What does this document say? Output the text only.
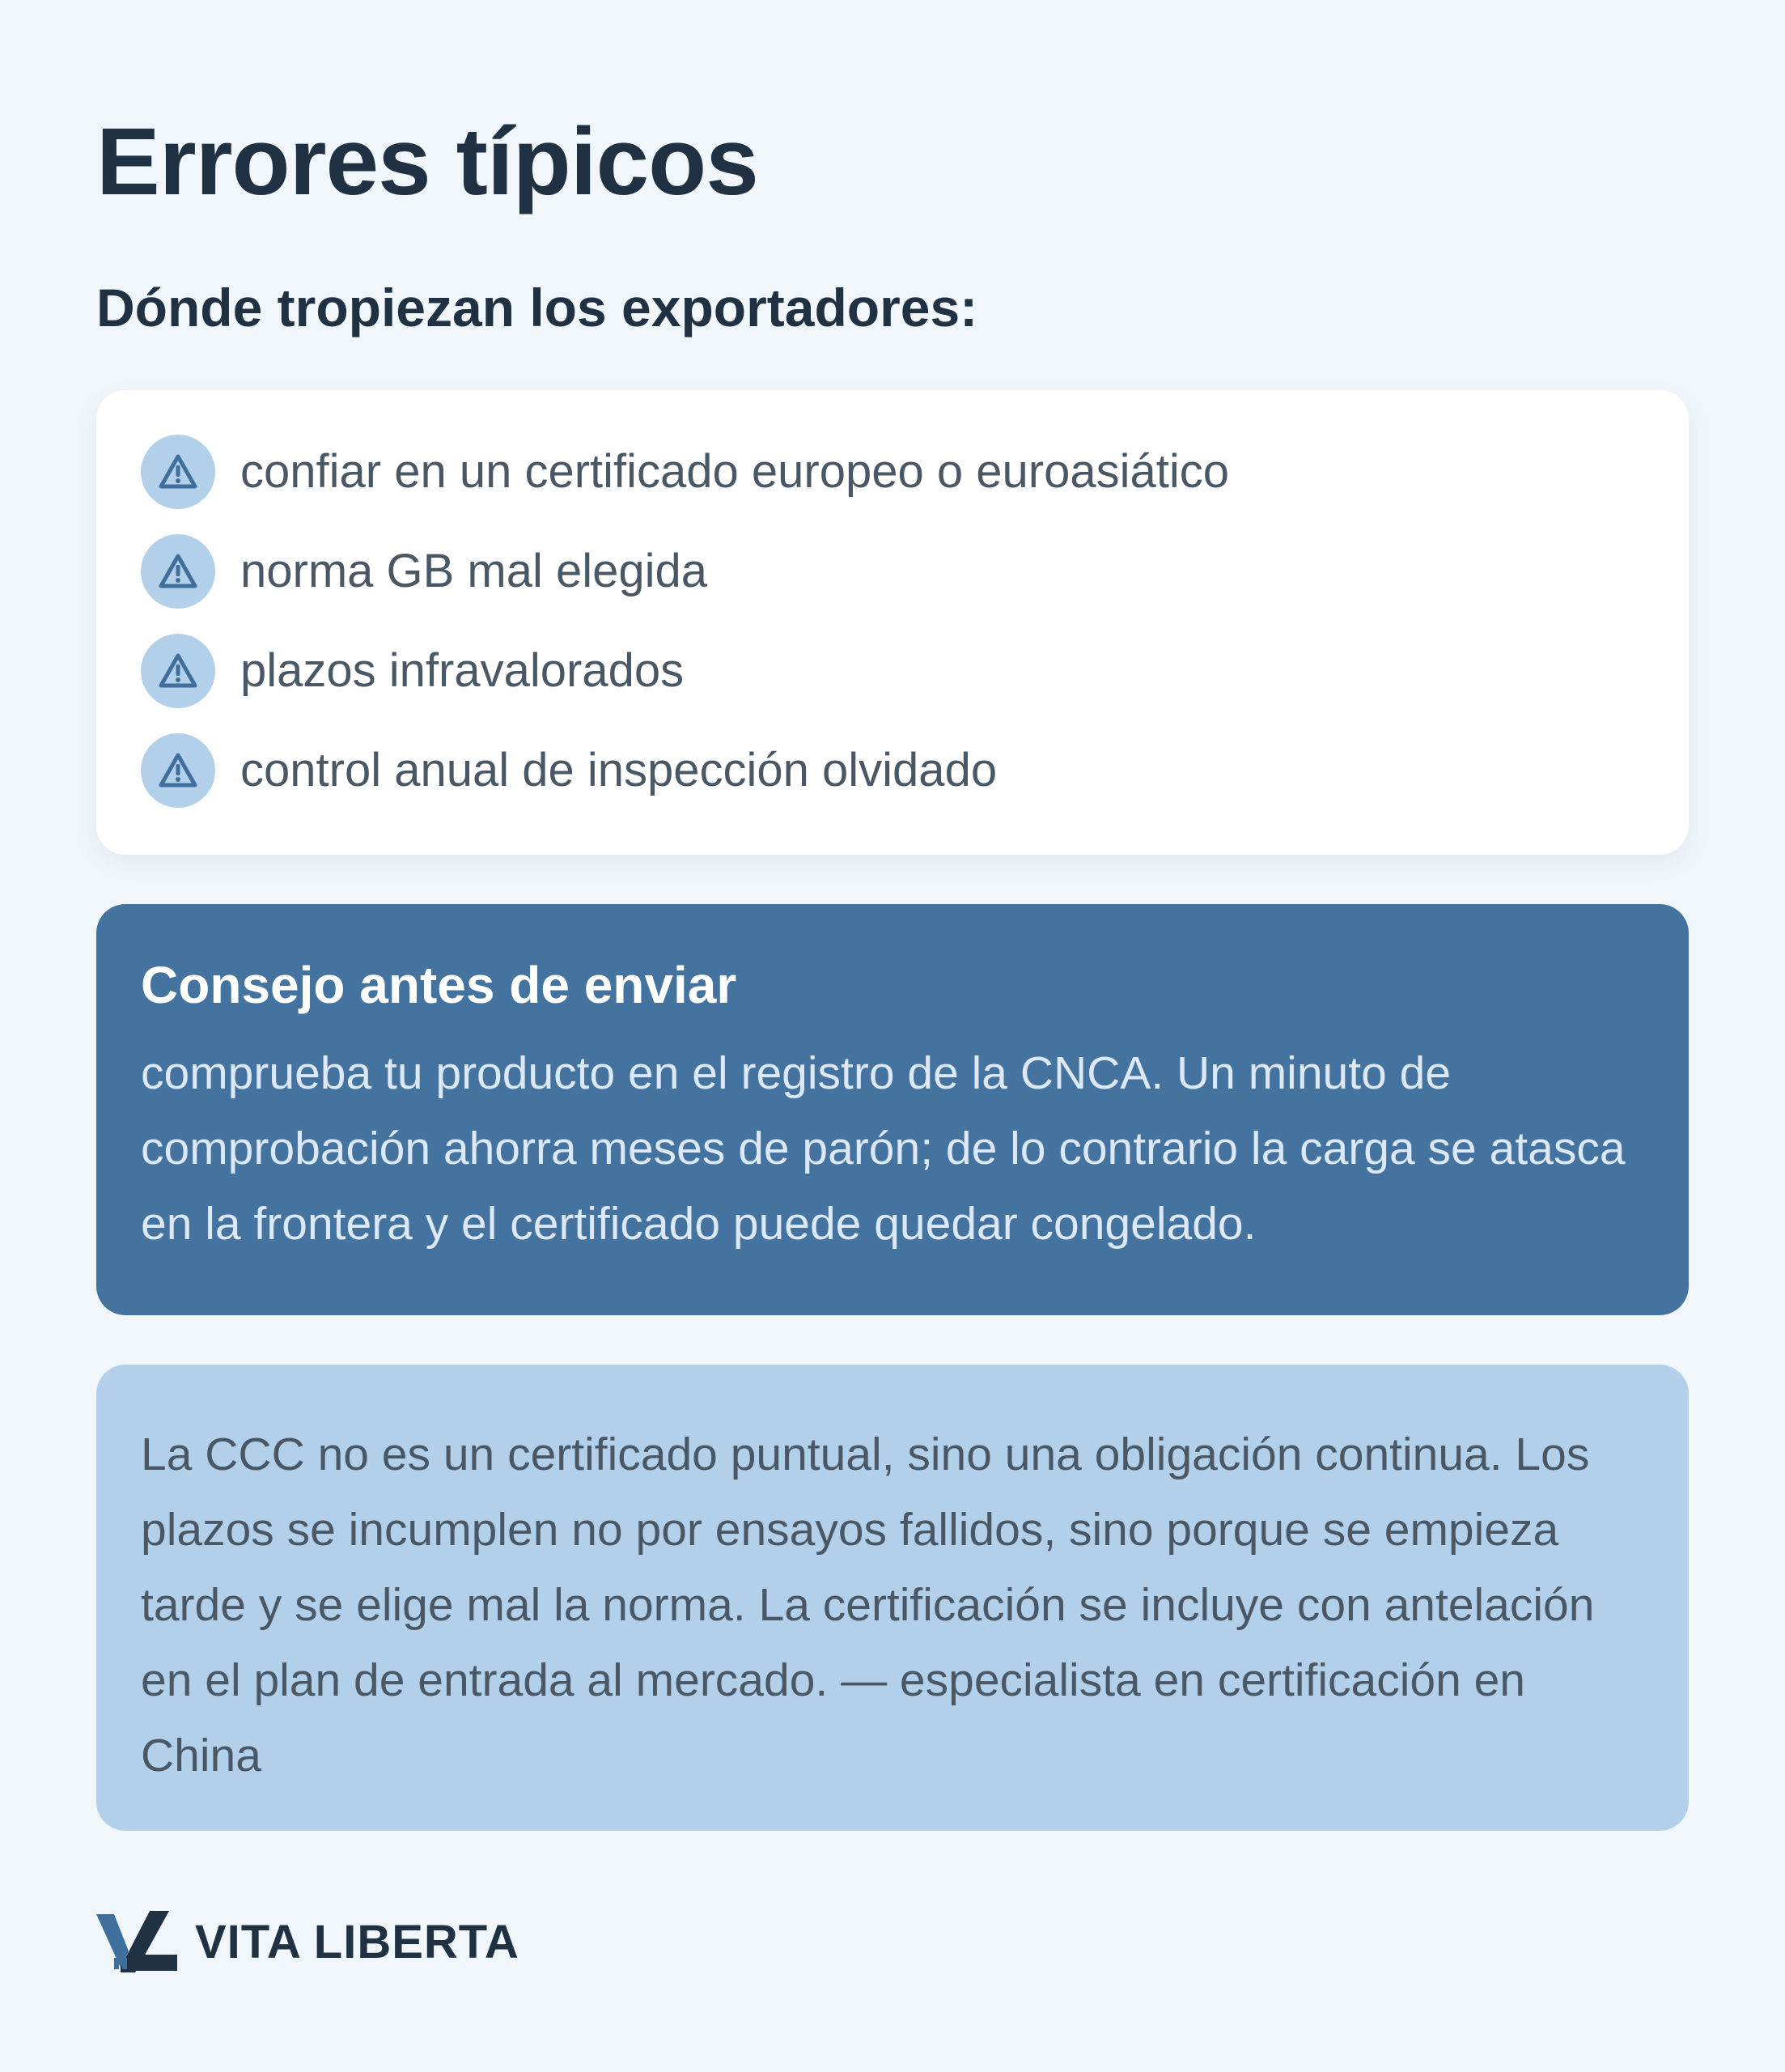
Errores típicos
Dónde tropiezan los exportadores:
confiar en un certificado europeo o euroasiático
norma GB mal elegida
plazos infravalorados
control anual de inspección olvidado
Consejo antes de enviar

comprueba tu producto en el registro de la CNCA. Un minuto de comprobación ahorra meses de parón; de lo contrario la carga se atasca en la frontera y el certificado puede quedar congelado.

La CCC no es un certificado puntual, sino una obligación continua. Los plazos se incumplen no por ensayos fallidos, sino porque se empieza tarde y se elige mal la norma. La certificación se incluye con antelación en el plan de entrada al mercado. — especialista en certificación en China

VITA LIBERTA
